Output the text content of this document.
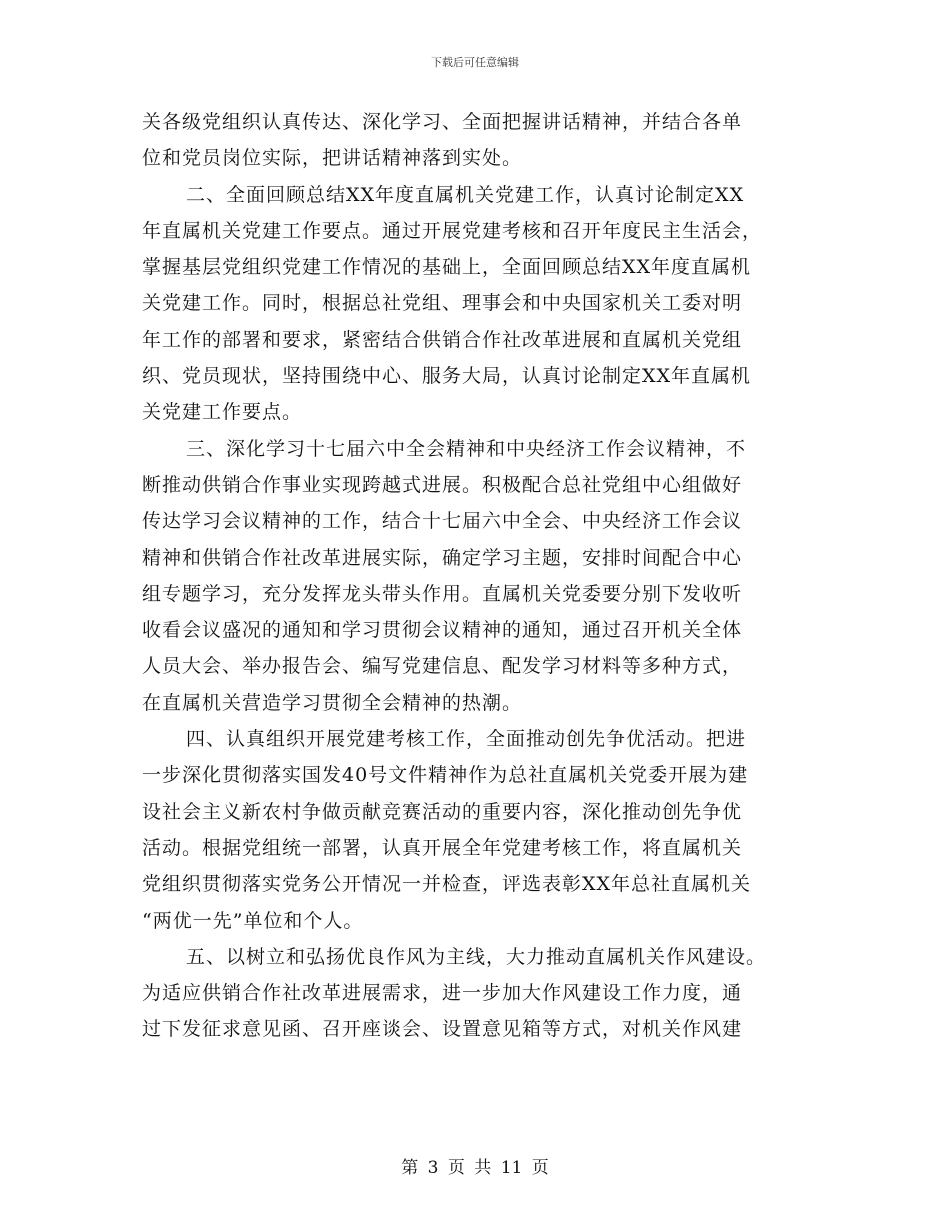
下载后可任意编辑
关各级党组织认真传达、深化学习、全面把握讲话精神，并结合各单
位和党员岗位实际，把讲话精神落到实处。
二、全面回顾总结XX年度直属机关党建工作，认真讨论制定XX
年直属机关党建工作要点。通过开展党建考核和召开年度民主生活会，
掌握基层党组织党建工作情况的基础上，全面回顾总结XX年度直属机
关党建工作。同时，根据总社党组、理事会和中央国家机关工委对明
年工作的部署和要求，紧密结合供销合作社改革进展和直属机关党组
织、党员现状，坚持围绕中心、服务大局，认真讨论制定XX年直属机
关党建工作要点。
三、深化学习十七届六中全会精神和中央经济工作会议精神，不
断推动供销合作事业实现跨越式进展。积极配合总社党组中心组做好
传达学习会议精神的工作，结合十七届六中全会、中央经济工作会议
精神和供销合作社改革进展实际，确定学习主题，安排时间配合中心
组专题学习，充分发挥龙头带头作用。直属机关党委要分别下发收听
收看会议盛况的通知和学习贯彻会议精神的通知，通过召开机关全体
人员大会、举办报告会、编写党建信息、配发学习材料等多种方式，
在直属机关营造学习贯彻全会精神的热潮。
四、认真组织开展党建考核工作，全面推动创先争优活动。把进
一步深化贯彻落实国发40号文件精神作为总社直属机关党委开展为建
设社会主义新农村争做贡献竞赛活动的重要内容，深化推动创先争优
活动。根据党组统一部署，认真开展全年党建考核工作，将直属机关
党组织贯彻落实党务公开情况一并检查，评选表彰XX年总社直属机关
“两优一先”单位和个人。
五、以树立和弘扬优良作风为主线，大力推动直属机关作风建设。
为适应供销合作社改革进展需求，进一步加大作风建设工作力度，通
过下发征求意见函、召开座谈会、设置意见箱等方式，对机关作风建
第 3 页 共 11 页
